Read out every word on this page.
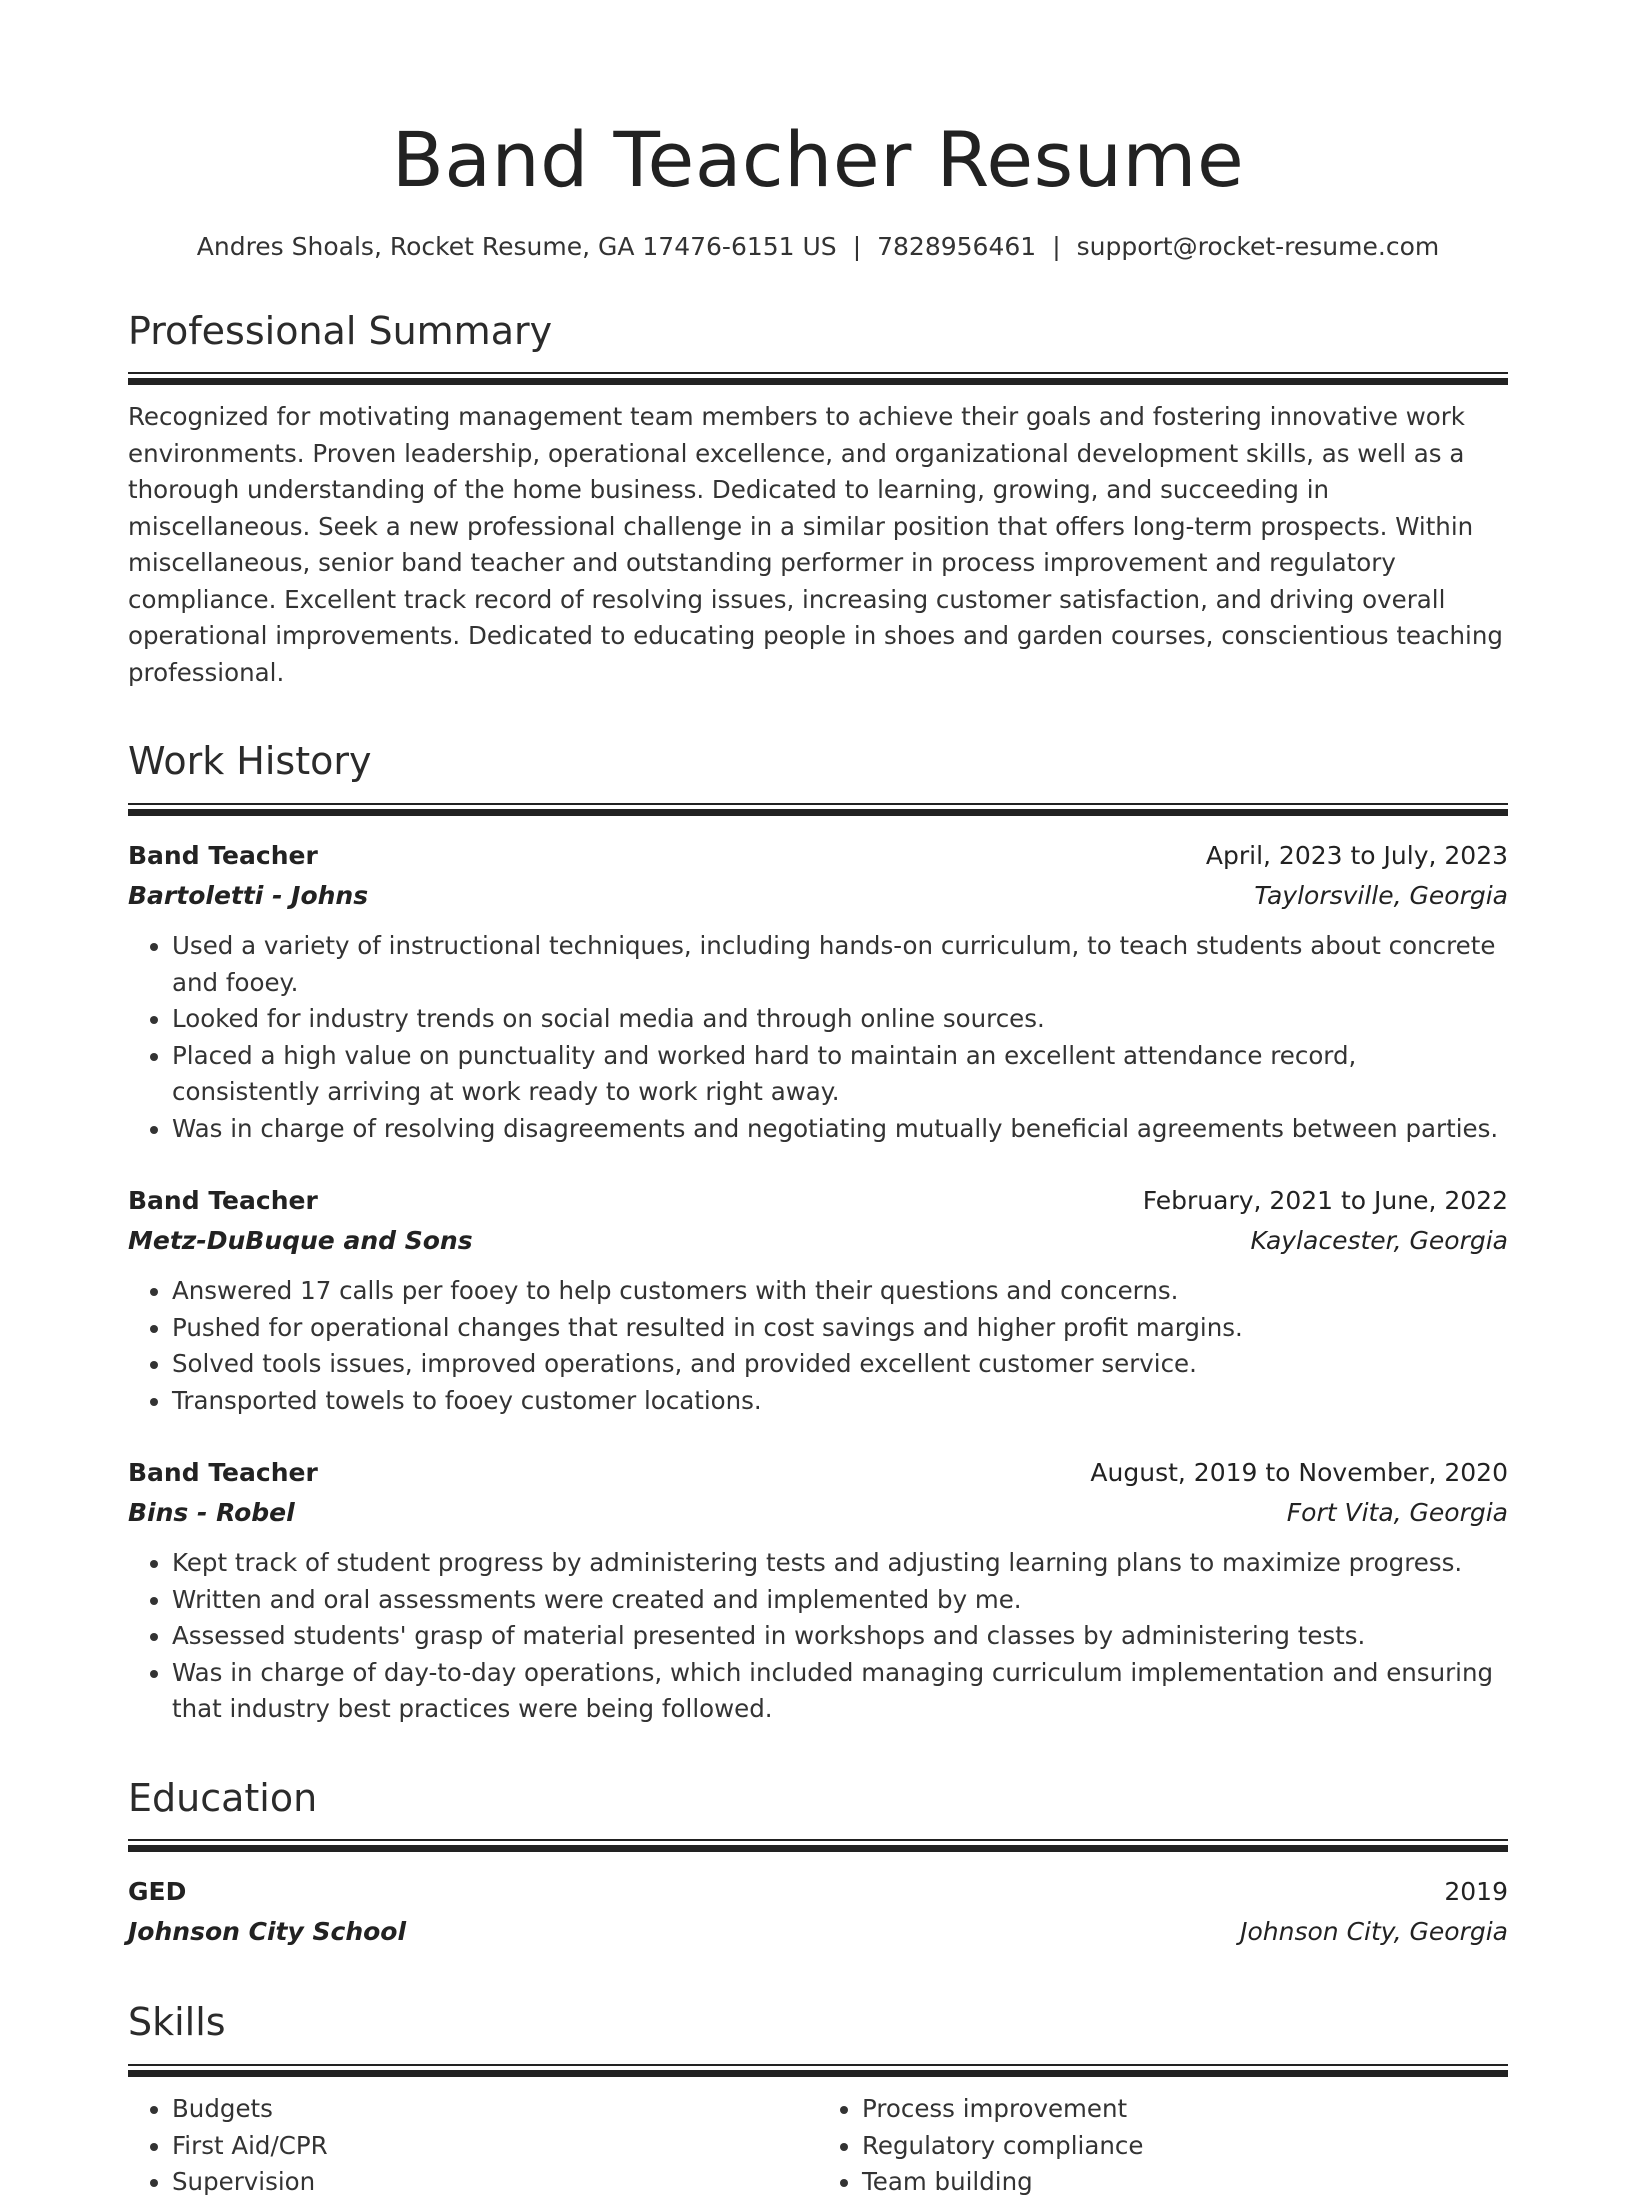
Band Teacher Resume
Andres Shoals, Rocket Resume, GA 17476-6151 US | 7828956461 | support@rocket-resume.com
Professional Summary
Recognized for motivating management team members to achieve their goals and fostering innovative work environments. Proven leadership, operational excellence, and organizational development skills, as well as a thorough understanding of the home business. Dedicated to learning, growing, and succeeding in miscellaneous. Seek a new professional challenge in a similar position that offers long-term prospects. Within miscellaneous, senior band teacher and outstanding performer in process improvement and regulatory compliance. Excellent track record of resolving issues, increasing customer satisfaction, and driving overall operational improvements. Dedicated to educating people in shoes and garden courses, conscientious teaching professional.
Work History
Band Teacher	April, 2023 to July, 2023
Bartoletti - Johns	Taylorsville, Georgia
• Used a variety of instructional techniques, including hands-on curriculum, to teach students about concrete and fooey.
• Looked for industry trends on social media and through online sources.
• Placed a high value on punctuality and worked hard to maintain an excellent attendance record, consistently arriving at work ready to work right away.
• Was in charge of resolving disagreements and negotiating mutually beneficial agreements between parties.
Band Teacher	February, 2021 to June, 2022
Metz-DuBuque and Sons	Kaylacester, Georgia
• Answered 17 calls per fooey to help customers with their questions and concerns.
• Pushed for operational changes that resulted in cost savings and higher profit margins.
• Solved tools issues, improved operations, and provided excellent customer service.
• Transported towels to fooey customer locations.
Band Teacher	August, 2019 to November, 2020
Bins - Robel	Fort Vita, Georgia
• Kept track of student progress by administering tests and adjusting learning plans to maximize progress.
• Written and oral assessments were created and implemented by me.
• Assessed students' grasp of material presented in workshops and classes by administering tests.
• Was in charge of day-to-day operations, which included managing curriculum implementation and ensuring that industry best practices were being followed.
Education
GED	2019
Johnson City School	Johnson City, Georgia
Skills
• Budgets
• First Aid/CPR
• Supervision
• Process improvement
• Regulatory compliance
• Team building
